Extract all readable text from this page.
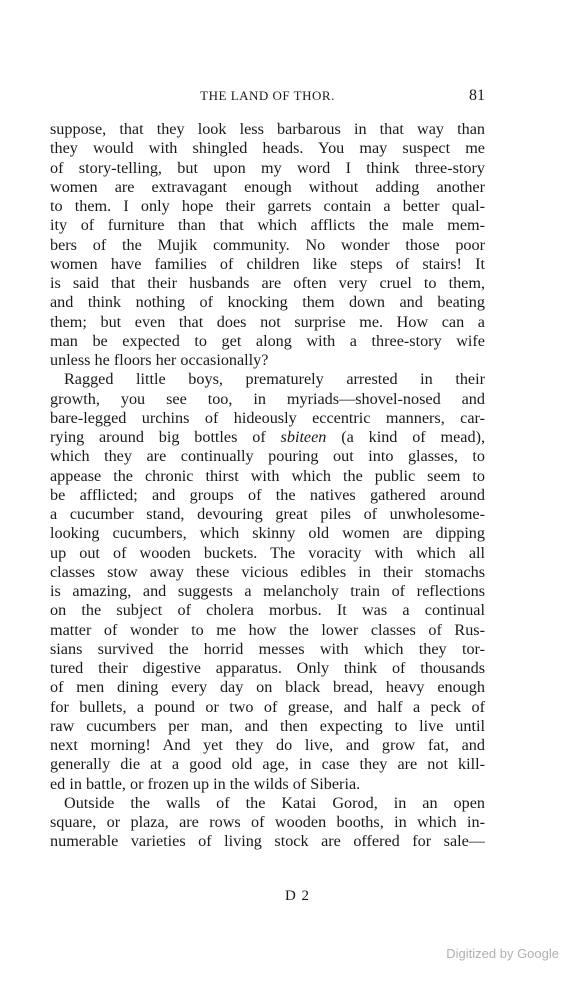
THE LAND OF THOR.	81
suppose, that they look less barbarous in that way than
they would with shingled heads. You may suspect me
of story-telling, but upon my word I think three-story
women are extravagant enough without adding another
to them. I only hope their garrets contain a better qual-
ity of furniture than that which afflicts the male mem-
bers of the Mujik community. No wonder those poor
women have families of children like steps of stairs! It
is said that their husbands are often very cruel to them,
and think nothing of knocking them down and beating
them; but even that does not surprise me. How can a
man be expected to get along with a three-story wife
unless he floors her occasionally?
Ragged little boys, prematurely arrested in their
growth, you see too, in myriads—shovel-nosed and
bare-legged urchins of hideously eccentric manners, car-
rying around big bottles of sbiteen (a kind of mead),
which they are continually pouring out into glasses, to
appease the chronic thirst with which the public seem to
be afflicted; and groups of the natives gathered around
a cucumber stand, devouring great piles of unwholesome-
looking cucumbers, which skinny old women are dipping
up out of wooden buckets. The voracity with which all
classes stow away these vicious edibles in their stomachs
is amazing, and suggests a melancholy train of reflections
on the subject of cholera morbus. It was a continual
matter of wonder to me how the lower classes of Rus-
sians survived the horrid messes with which they tor-
tured their digestive apparatus. Only think of thousands
of men dining every day on black bread, heavy enough
for bullets, a pound or two of grease, and half a peck of
raw cucumbers per man, and then expecting to live until
next morning! And yet they do live, and grow fat, and
generally die at a good old age, in case they are not kill-
ed in battle, or frozen up in the wilds of Siberia.
Outside the walls of the Katai Gorod, in an open
square, or plaza, are rows of wooden booths, in which in-
numerable varieties of living stock are offered for sale—
D 2
Digitized by Google
